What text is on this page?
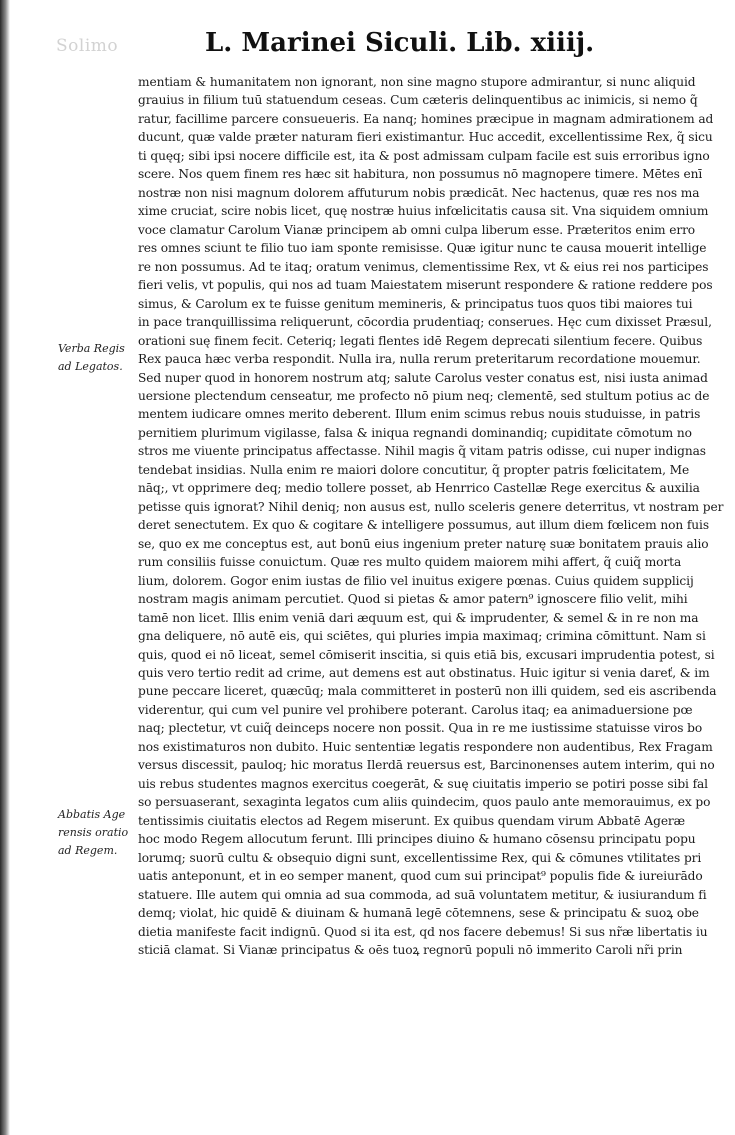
Solimo	L. Marinei Siculi. Lib. xiiij.
Verba Regis
ad Legatos.
Abbatis Age
rensis oratio
ad Regem.
mentiam & humanitatem non ignorant, non sine magno stupore admirantur, si nunc aliquid
grauius in filium tuū statuendum ceseas. Cum cæteris delinquentibus ac inimicis, si nemo q̃
ratur, facillime parcere consueueris. Ea nanq; homines præcipue in magnam admirationem ad
ducunt, quæ valde præter naturam fieri existimantur. Huc accedit, excellentissime Rex, q̃ sicu
ti quęq; sibi ipsi nocere difficile est, ita & post admissam culpam facile est suis erroribus igno
scere. Nos quem finem res hæc sit habitura, non possumus nō magnopere timere. Mētes enī
nostræ non nisi magnum dolorem affuturum nobis prædicāt. Nec hactenus, quæ res nos ma
xime cruciat, scire nobis licet, quę nostræ huius infœlicitatis causa sit. Vna siquidem omnium
voce clamatur Carolum Vianæ principem ab omni culpa liberum esse. Præteritos enim erro
res omnes sciunt te filio tuo iam sponte remisisse. Quæ igitur nunc te causa mouerit intellige
re non possumus. Ad te itaq; oratum venimus, clementissime Rex, vt & eius rei nos participes
fieri velis, vt populis, qui nos ad tuam Maiestatem miserunt respondere & ratione reddere pos
simus, & Carolum ex te fuisse genitum memineris, & principatus tuos quos tibi maiores tui
in pace tranquillissima reliquerunt, cōcordia prudentiaq; conserues. Hęc cum dixisset Præsul,
orationi suę finem fecit. Ceteriq; legati flentes idē Regem deprecati silentium fecere. Quibus
Rex pauca hæc verba respondit. Nulla ira, nulla rerum preteritarum recordatione mouemur.
Sed nuper quod in honorem nostrum atq; salute Carolus vester conatus est, nisi iusta animad
uersione plectendum censeatur, me profecto nō pium neq; clementē, sed stultum potius ac de
mentem iudicare omnes merito deberent. Illum enim scimus rebus nouis studuisse, in patris
pernitiem plurimum vigilasse, falsa & iniqua regnandi dominandiq; cupiditate cōmotum no
stros me viuente principatus affectasse. Nihil magis q̃ vitam patris odisse, cui nuper indignas
tendebat insidias. Nulla enim re maiori dolore concutitur, q̃ propter patris fœlicitatem, Me
nāq;, vt opprimere deq; medio tollere posset, ab Henrrico Castellæ Rege exercitus & auxilia
petisse quis ignorat? Nihil deniq; non ausus est, nullo sceleris genere deterritus, vt nostram per
deret senectutem. Ex quo & cogitare & intelligere possumus, aut illum diem fœlicem non fuis
se, quo ex me conceptus est, aut bonū eius ingenium preter naturę suæ bonitatem prauis alio
rum consiliis fuisse conuictum. Quæ res multo quidem maiorem mihi affert, q̃ cuiq̃ morta
lium, dolorem. Gogor enim iustas de filio vel inuitus exigere pœnas. Cuius quidem supplicij
nostram magis animam percutiet. Quod si pietas & amor patern⁹ ignoscere filio velit, mihi
tamē non licet. Illis enim veniā dari æquum est, qui & imprudenter, & semel & in re non ma
gna deliquere, nō autē eis, qui sciētes, qui pluries impia maximaq; crimina cōmittunt. Nam si
quis, quod ei nō liceat, semel cōmiserit inscitia, si quis etiā bis, excusari imprudentia potest, si
quis vero tertio redit ad crime, aut demens est aut obstinatus. Huic igitur si venia dareť, & im
pune peccare liceret, quæcūq; mala committeret in posterū non illi quidem, sed eis ascribenda
viderentur, qui cum vel punire vel prohibere poterant. Carolus itaq; ea animaduersione pœ
naq; plectetur, vt cuiq̃ deinceps nocere non possit. Qua in re me iustissime statuisse viros bo
nos existimaturos non dubito. Huic sententiæ legatis respondere non audentibus, Rex Fragam
versus discessit, pauloq; hic moratus Ilerdā reuersus est, Barcinonenses autem interim, qui no
uis rebus studentes magnos exercitus coegerāt, & suę ciuitatis imperio se potiri posse sibi fal
so persuaserant, sexaginta legatos cum aliis quindecim, quos paulo ante memorauimus, ex po
tentissimis ciuitatis electos ad Regem miserunt. Ex quibus quendam virum Abbatē Ageræ
hoc modo Regem allocutum ferunt. Illi principes diuino & humano cōsensu principatu popu
lorumq; suorū cultu & obsequio digni sunt, excellentissime Rex, qui & cōmunes vtilitates pri
uatis anteponunt, et in eo semper manent, quod cum sui principat⁹ populis fide & iureiurādo
statuere. Ille autem qui omnia ad sua commoda, ad suā voluntatem metitur, & iusiurandum fi
demq; violat, hic quidē & diuinam & humanā legē cōtemnens, sese & principatu & suoꝝ obe
dietia manifeste facit indignū. Quod si ita est, qd nos facere debemus! Si sus nr̃æ libertatis iu
sticiā clamat. Si Vianæ principatus & oēs tuoꝝ regnorū populi nō immerito Caroli nr̃i prin
